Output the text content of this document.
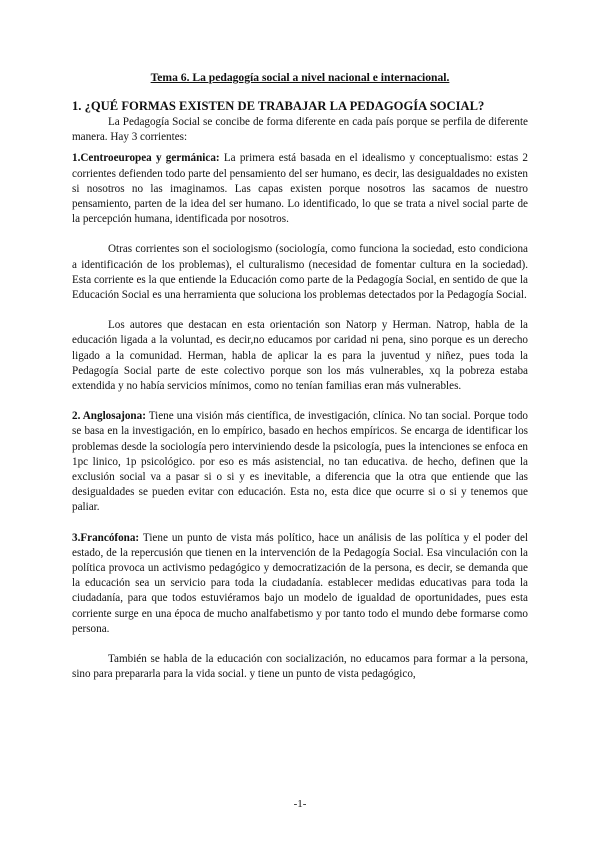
Tema 6. La pedagogía social a nivel nacional e internacional.
1. ¿QUÉ FORMAS EXISTEN DE TRABAJAR LA PEDAGOGÍA SOCIAL?

La Pedagogía Social se concibe de forma diferente en cada país porque se perfila de diferente manera. Hay 3 corrientes:

1.Centroeuropea y germánica: La primera está basada en el idealismo y conceptualismo: estas 2 corrientes defienden todo parte del pensamiento del ser humano, es decir, las desigualdades no existen si nosotros no las imaginamos. Las capas existen porque nosotros las sacamos de nuestro pensamiento, parten de la idea del ser humano. Lo identificado, lo que se trata a nivel social parte de la percepción humana, identificada por nosotros.

Otras corrientes son el sociologismo (sociología, como funciona la sociedad, esto condiciona a identificación de los problemas), el culturalismo (necesidad de fomentar cultura en la sociedad). Esta corriente es la que entiende la Educación como parte de la Pedagogía Social, en sentido de que la Educación Social es una herramienta que soluciona los problemas detectados por la Pedagogía Social.

Los autores que destacan en esta orientación son Natorp y Herman. Natrop, habla de la educación ligada a la voluntad, es decir,no educamos por caridad ni pena, sino porque es un derecho ligado a la comunidad. Herman, habla de aplicar la es para la juventud y niñez, pues toda la Pedagogía Social parte de este colectivo porque son los más vulnerables, xq la pobreza estaba extendida y no había servicios mínimos, como no tenían familias eran más vulnerables.

2. Anglosajona: Tiene una visión más científica, de investigación, clínica. No tan social. Porque todo se basa en la investigación, en lo empírico, basado en hechos empíricos. Se encarga de identificar los problemas desde la sociología pero interviniendo desde la psicología, pues la intenciones se enfoca en 1pc linico, 1p psicológico. por eso es más asistencial, no tan educativa. de hecho, definen que la exclusión social va a pasar si o si y es inevitable, a diferencia que la otra que entiende que las desigualdades se pueden evitar con educación. Esta no, esta dice que ocurre si o si y tenemos que paliar.

3.Francófona: Tiene un punto de vista más político, hace un análisis de las política y el poder del estado, de la repercusión que tienen en la intervención de la Pedagogía Social. Esa vinculación con la política provoca un activismo pedagógico y democratización de la persona, es decir, se demanda que la educación sea un servicio para toda la ciudadanía. establecer medidas educativas para toda la ciudadanía, para que todos estuviéramos bajo un modelo de igualdad de oportunidades, pues esta corriente surge en una época de mucho analfabetismo y por tanto todo el mundo debe formarse como persona.

También se habla de la educación con socialización, no educamos para formar a la persona, sino para prepararla para la vida social. y tiene un punto de vista pedagógico,

-1-
